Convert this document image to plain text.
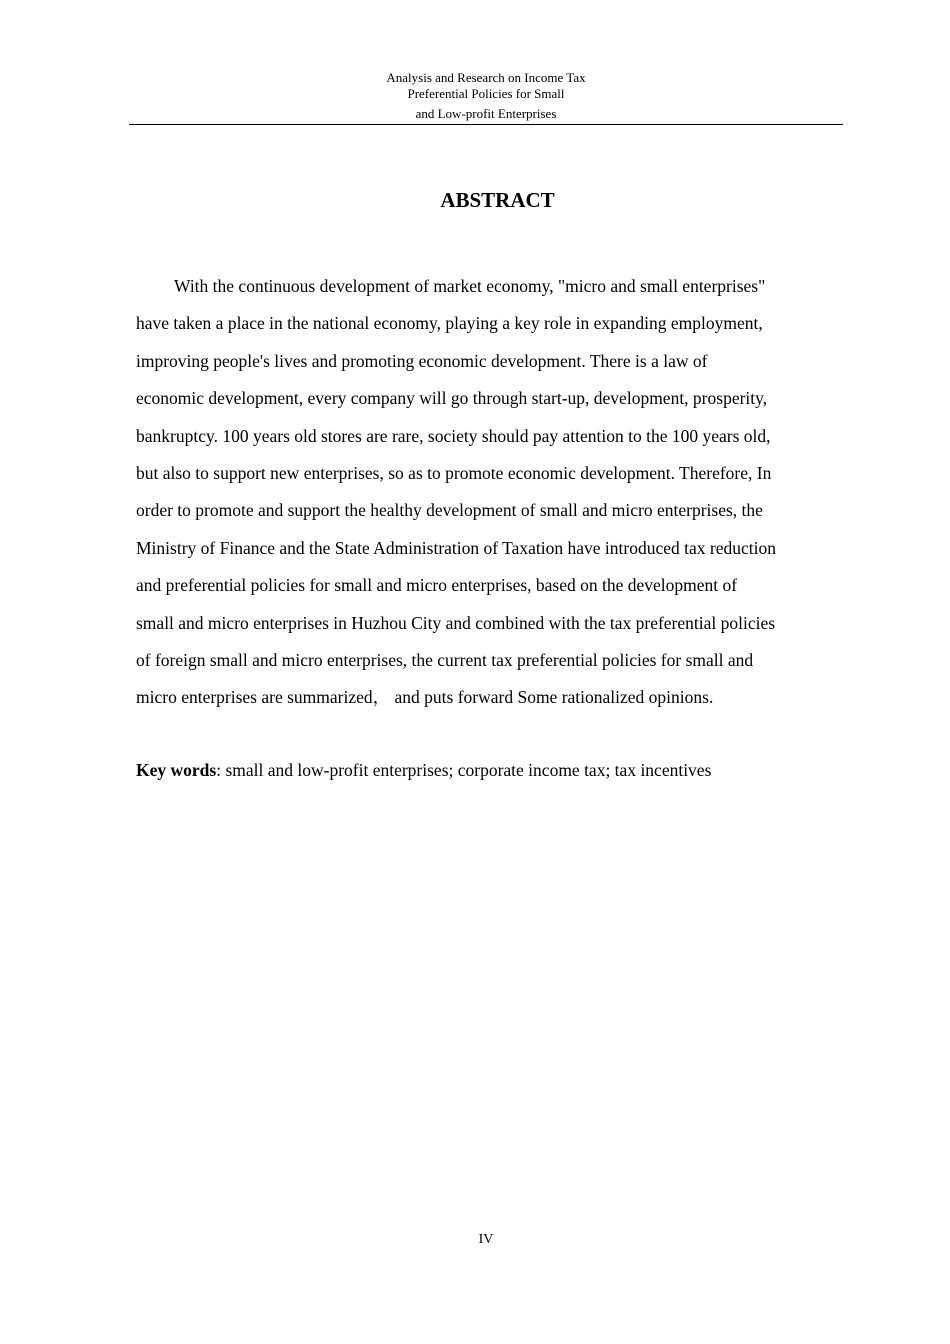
Analysis and Research on Income Tax
Preferential Policies for Small
and Low-profit Enterprises
ABSTRACT
With the continuous development of market economy, "micro and small enterprises"
have taken a place in the national economy, playing a key role in expanding employment,
improving people's lives and promoting economic development. There is a law of
economic development, every company will go through start-up, development, prosperity,
bankruptcy. 100 years old stores are rare, society should pay attention to the 100 years old,
but also to support new enterprises, so as to promote economic development. Therefore, In
order to promote and support the healthy development of small and micro enterprises, the
Ministry of Finance and the State Administration of Taxation have introduced tax reduction
and preferential policies for small and micro enterprises, based on the development of
small and micro enterprises in Huzhou City and combined with the tax preferential policies
of foreign small and micro enterprises, the current tax preferential policies for small and
micro enterprises are summarized， and puts forward Some rationalized opinions.
Key words: small and low-profit enterprises; corporate income tax; tax incentives
IV
